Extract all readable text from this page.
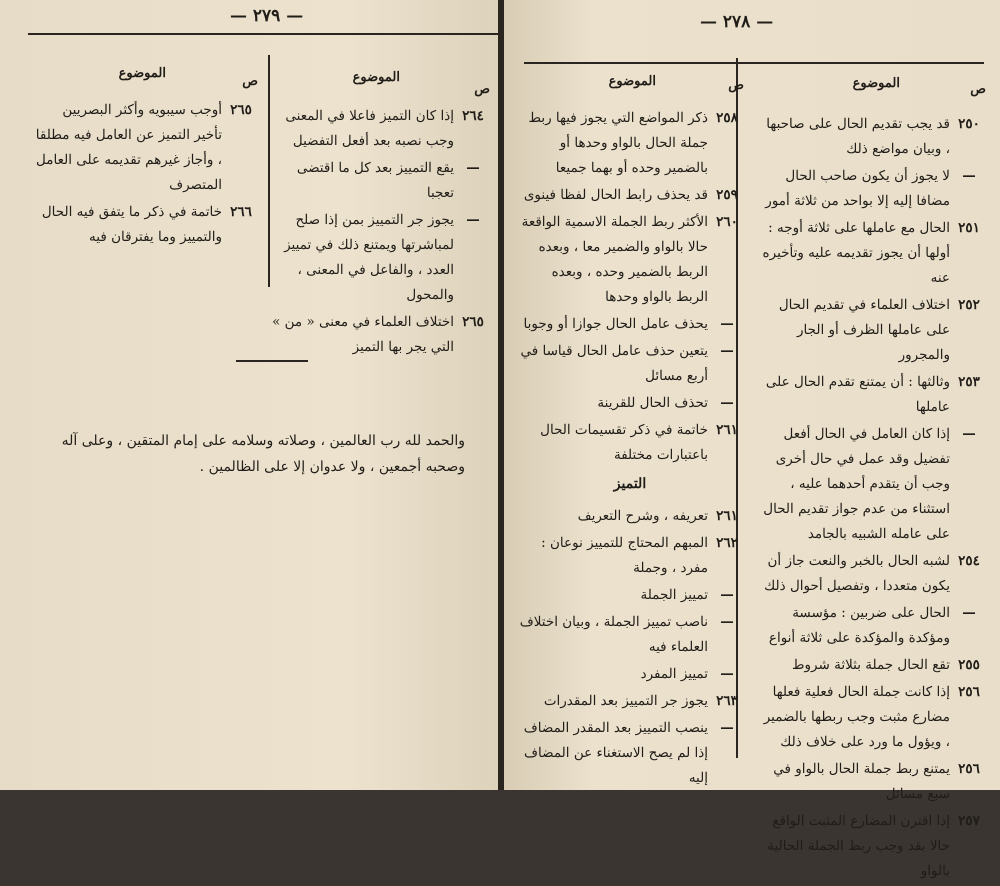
— ٢٧٩ —
ص
الموضوع
٢٦٤
إذا كان التميز فاعلا في المعنى وجب نصبه بعد أفعل التفضيل
—
يقع التمييز بعد كل ما اقتضى تعجبا
—
يجوز جر التمييز بمن إذا صلح لمباشرتها ويمتنع ذلك في تمييز العدد ، والفاعل في المعنى ، والمحول
٢٦٥
اختلاف العلماء في معنى « من » التي يجر بها التميز
ص
الموضوع
٢٦٥
أوجب سيبويه وأكثر البصريين تأخير التميز عن العامل فيه مطلقا ، وأجاز غيرهم تقديمه على العامل المتصرف
٢٦٦
خاتمة في ذكر ما يتفق فيه الحال والتمييز وما يفترقان فيه
والحمد لله رب العالمين ، وصلاته وسلامه على إمام المتقين ، وعلى آله وصحبه أجمعين ، ولا عدوان إلا على الظالمين .
— ٢٧٨ —
ص
الموضوع
٢٥٠
قد يجب تقديم الحال على صاحبها ، وبيان مواضع ذلك
—
لا يجوز أن يكون صاحب الحال مضافا إليه إلا بواحد من ثلاثة أمور
٢٥١
الحال مع عاملها على ثلاثة أوجه : أولها أن يجوز تقديمه عليه وتأخيره عنه
٢٥٢
اختلاف العلماء في تقديم الحال على عاملها الظرف أو الجار والمجرور
٢٥٣
وثالثها : أن يمتنع تقدم الحال على عاملها
—
إذا كان العامل في الحال أفعل تفضيل وقد عمل في حال أخرى وجب أن يتقدم أحدهما عليه ، استثناء من عدم جواز تقديم الحال على عامله الشبيه بالجامد
٢٥٤
لشبه الحال بالخبر والنعت جاز أن يكون متعددا ، وتفصيل أحوال ذلك
—
الحال على ضربين : مؤسسة ومؤكدة والمؤكدة على ثلاثة أنواع
٢٥٥
تقع الحال جملة بثلاثة شروط
٢٥٦
إذا كانت جملة الحال فعلية فعلها مضارع مثبت وجب ربطها بالضمير ، ويؤول ما ورد على خلاف ذلك
٢٥٦
يمتنع ربط جملة الحال بالواو في سبع مسائل
٢٥٧
إذا اقترن المضارع المثبت الواقع حالا بقد وجب ربط الجملة الحالية بالواو
ص
الموضوع
٢٥٨
ذكر المواضع التي يجوز فيها ربط جملة الحال بالواو وحدها أو بالضمير وحده أو بهما جميعا
٢٥٩
قد يحذف رابط الحال لفظا فينوى
٢٦٠
الأكثر ربط الجملة الاسمية الواقعة حالا بالواو والضمير معا ، وبعده الربط بالضمير وحده ، وبعده الربط بالواو وحدها
—
يحذف عامل الحال جوازا أو وجوبا
—
يتعين حذف عامل الحال قياسا في أربع مسائل
—
تحذف الحال للقرينة
٢٦١
خاتمة في ذكر تقسيمات الحال باعتبارات مختلفة
التميز
٢٦١
تعريفه ، وشرح التعريف
٢٦٢
المبهم المحتاج للتمييز نوعان : مفرد ، وجملة
—
تمييز الجملة
—
ناصب تمييز الجملة ، وبيان اختلاف العلماء فيه
—
تمييز المفرد
٢٦٣
يجوز جر التمييز بعد المقدرات
—
ينصب التمييز بعد المقدر المضاف إذا لم يصح الاستغناء عن المضاف إليه
